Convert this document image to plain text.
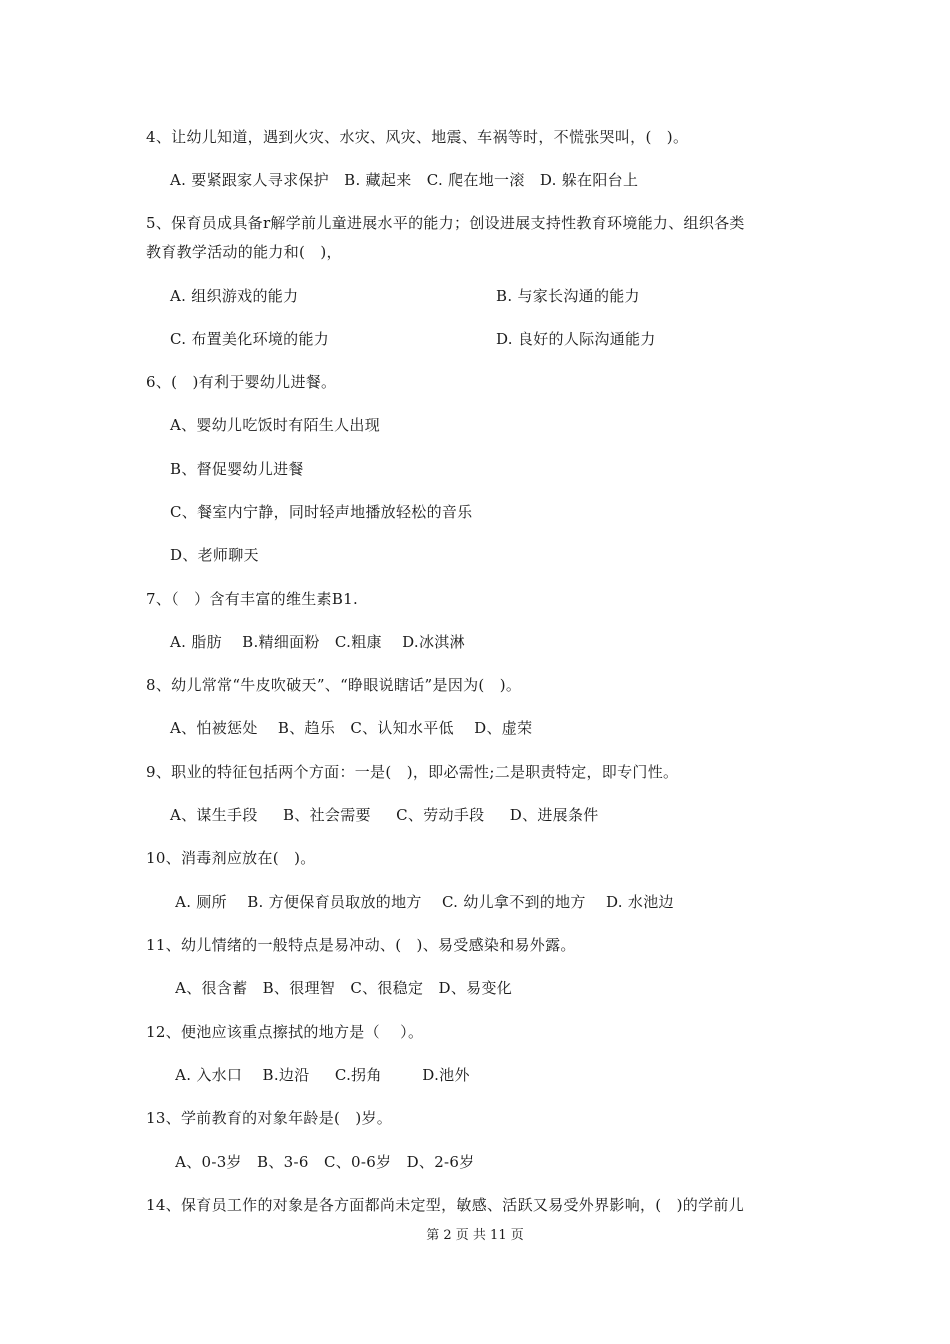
4、让幼儿知道，遇到火灾、水灾、风灾、地震、车祸等时，不慌张哭叫，(   )。
A. 要紧跟家人寻求保护   B. 藏起来   C. 爬在地一滚   D. 躲在阳台上
5、保育员成具备r解学前儿童进展水平的能力；创设进展支持性教育环境能力、组织各类
教育教学活动的能力和(   )，
A. 组织游戏的能力	B. 与家长沟通的能力
C. 布置美化环境的能力	D. 良好的人际沟通能力
6、(   )有利于婴幼儿进餐。
A、婴幼儿吃饭时有陌生人出现
B、督促婴幼儿进餐
C、餐室内宁静，同时轻声地播放轻松的音乐
D、老师聊天
7、（   ）含有丰富的维生素B1.
A. 脂肪    B.精细面粉   C.粗康    D.冰淇淋
8、幼儿常常“牛皮吹破天”、“睁眼说瞎话”是因为(   )。
A、怕被惩处    B、趋乐   C、认知水平低    D、虚荣
9、职业的特征包括两个方面：一是(   )，即必需性;二是职责特定，即专门性。
A、谋生手段     B、社会需要     C、劳动手段     D、进展条件
10、消毒剂应放在(   )。
A. 厕所    B. 方便保育员取放的地方    C. 幼儿拿不到的地方    D. 水池边
11、幼儿情绪的一般特点是易冲动、(   )、易受感染和易外露。
A、很含蓄   B、很理智   C、很稳定   D、易变化
12、便池应该重点擦拭的地方是（    ）。
A. 入水口    B.边沿     C.拐角        D.池外
13、学前教育的对象年龄是(   )岁。
A、0-3岁   B、3-6   C、0-6岁   D、2-6岁
14、保育员工作的对象是各方面都尚未定型，敏感、活跃又易受外界影响，(   )的学前儿
第 2 页 共 11 页
